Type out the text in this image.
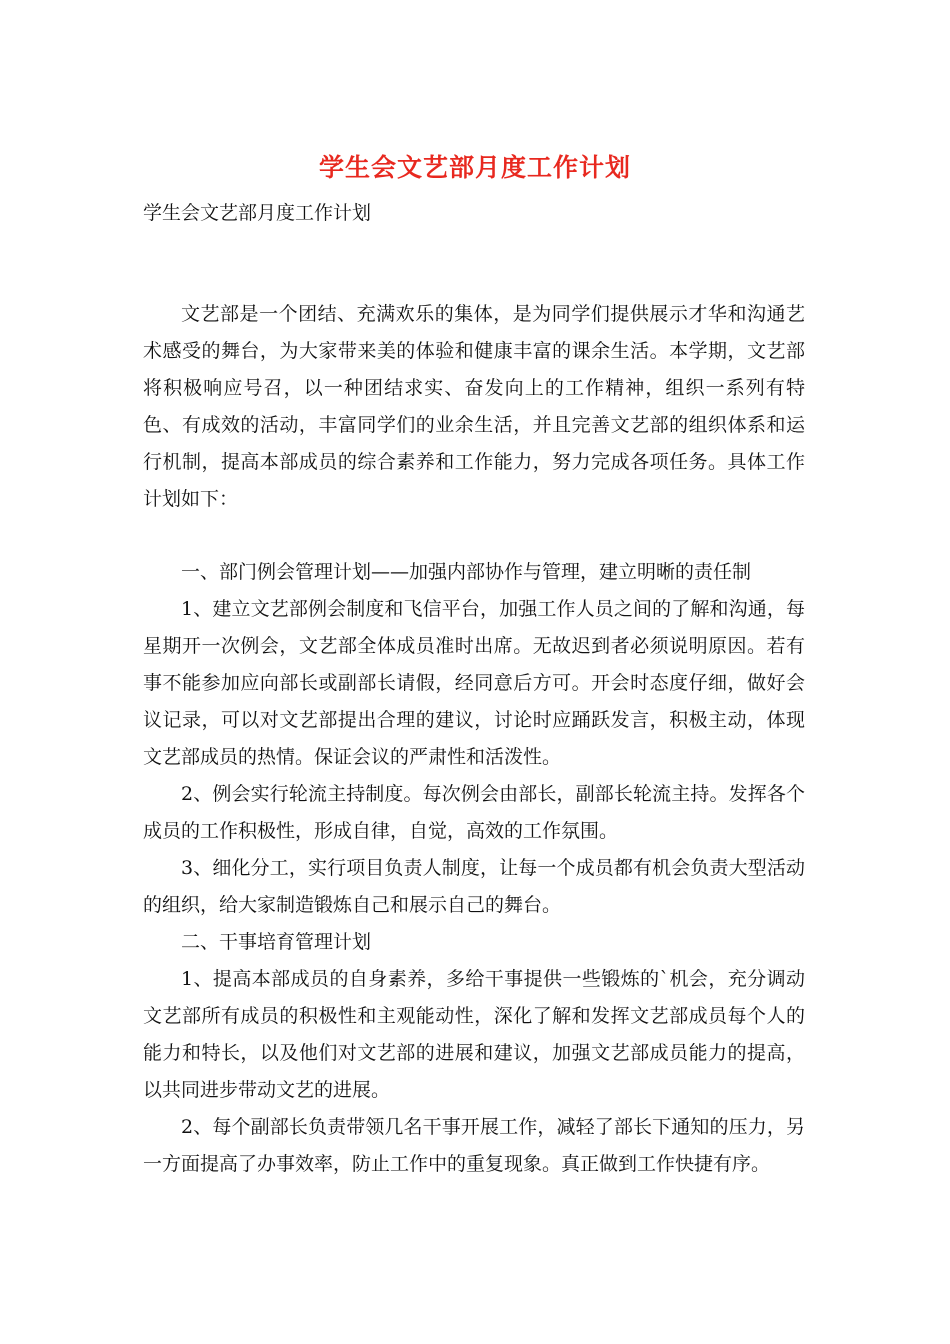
学生会文艺部月度工作计划
学生会文艺部月度工作计划

文艺部是一个团结、充满欢乐的集体，是为同学们提供展示才华和沟通艺术感受的舞台，为大家带来美的体验和健康丰富的课余生活。本学期，文艺部将积极响应号召，以一种团结求实、奋发向上的工作精神，组织一系列有特色、有成效的活动，丰富同学们的业余生活，并且完善文艺部的组织体系和运行机制，提高本部成员的综合素养和工作能力，努力完成各项任务。具体工作计划如下：

一、部门例会管理计划——加强内部协作与管理，建立明晰的责任制

1、建立文艺部例会制度和飞信平台，加强工作人员之间的了解和沟通，每星期开一次例会，文艺部全体成员准时出席。无故迟到者必须说明原因。若有事不能参加应向部长或副部长请假，经同意后方可。开会时态度仔细，做好会议记录，可以对文艺部提出合理的建议，讨论时应踊跃发言，积极主动，体现文艺部成员的热情。保证会议的严肃性和活泼性。

2、例会实行轮流主持制度。每次例会由部长，副部长轮流主持。发挥各个成员的工作积极性，形成自律，自觉，高效的工作氛围。

3、细化分工，实行项目负责人制度，让每一个成员都有机会负责大型活动的组织，给大家制造锻炼自己和展示自己的舞台。

二、干事培育管理计划

1、提高本部成员的自身素养，多给干事提供一些锻炼的`机会，充分调动文艺部所有成员的积极性和主观能动性，深化了解和发挥文艺部成员每个人的能力和特长，以及他们对文艺部的进展和建议，加强文艺部成员能力的提高，以共同进步带动文艺的进展。

2、每个副部长负责带领几名干事开展工作，减轻了部长下通知的压力，另一方面提高了办事效率，防止工作中的重复现象。真正做到工作快捷有序。
